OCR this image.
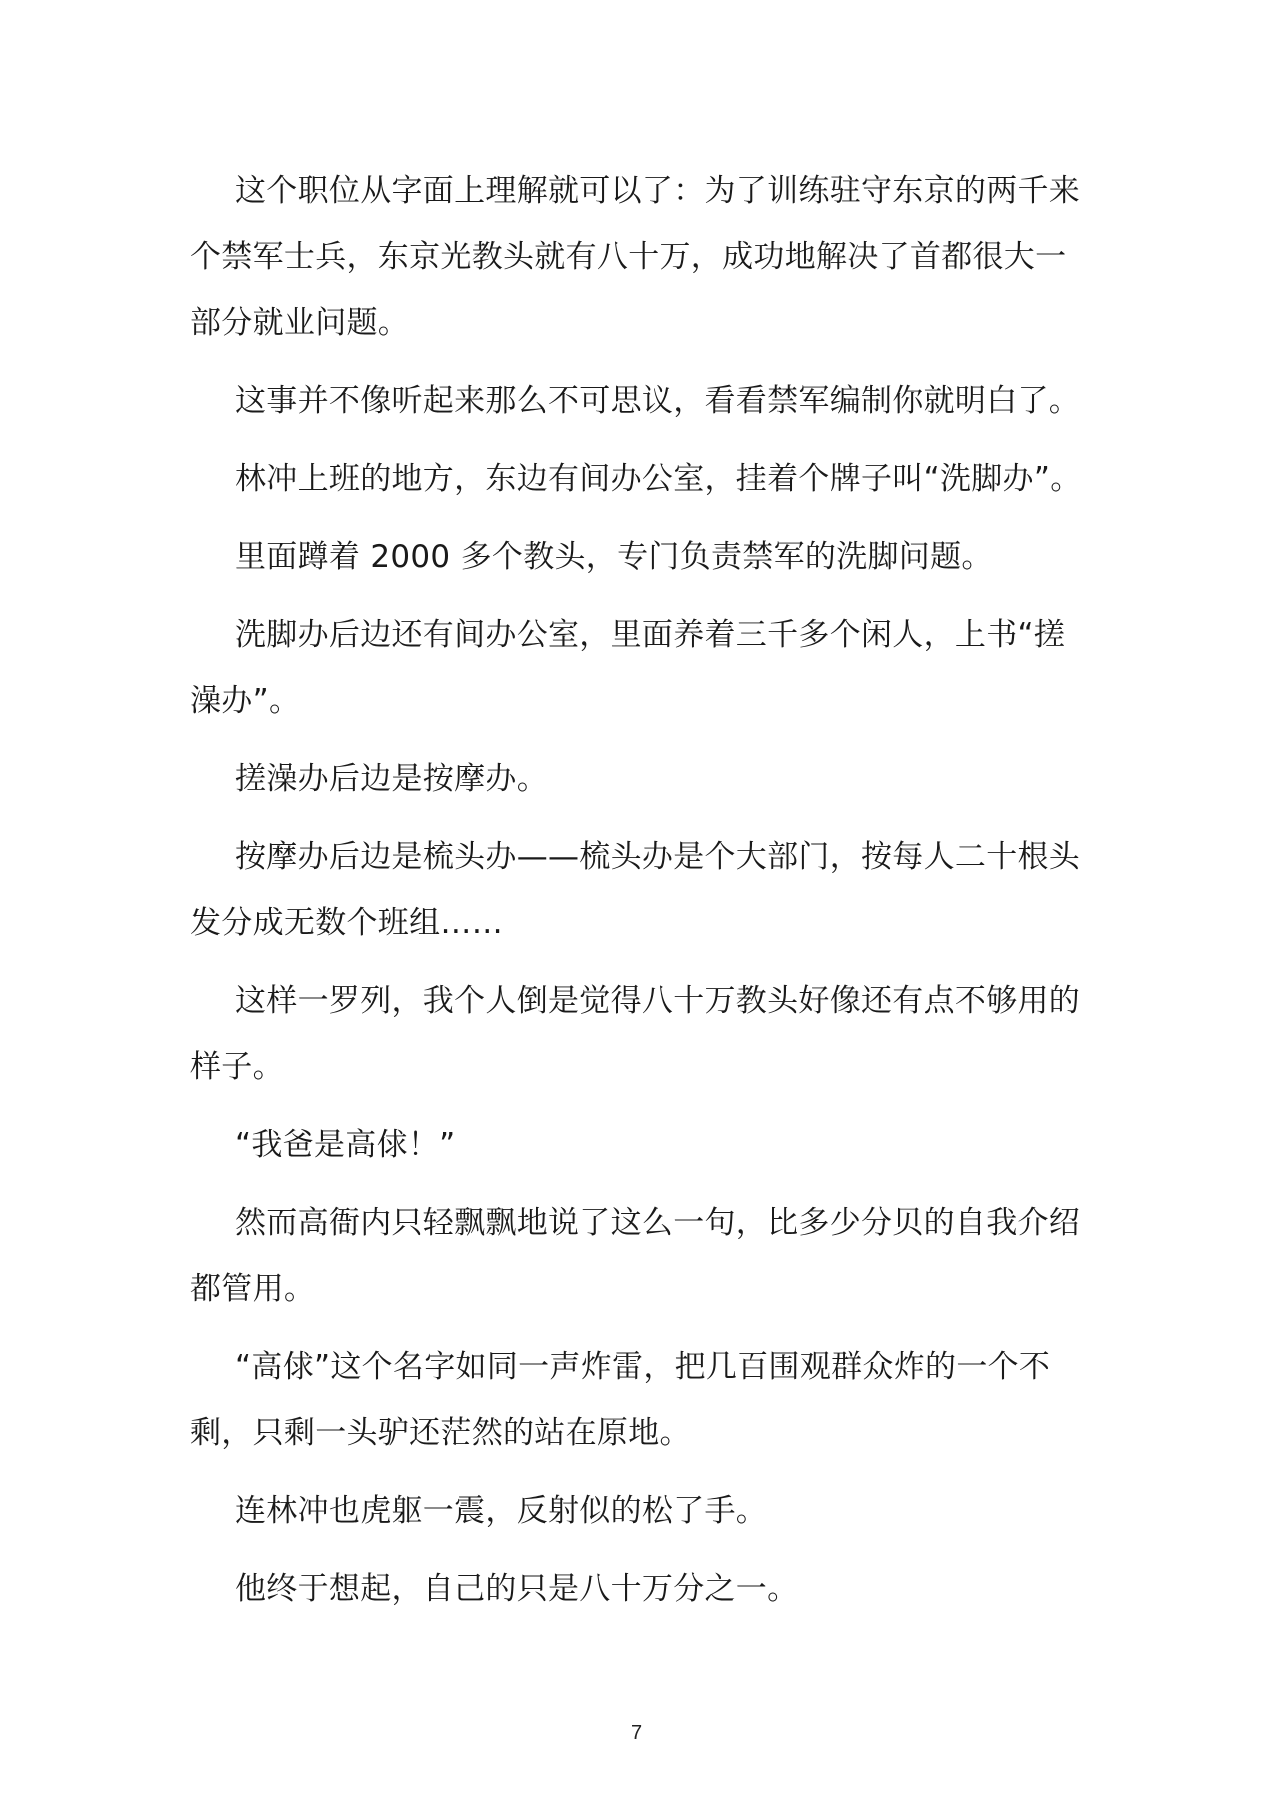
这个职位从字面上理解就可以了：为了训练驻守东京的两千来个禁军士兵，东京光教头就有八十万，成功地解决了首都很大一部分就业问题。

这事并不像听起来那么不可思议，看看禁军编制你就明白了。

林冲上班的地方，东边有间办公室，挂着个牌子叫“洗脚办”。

里面蹲着 2000 多个教头，专门负责禁军的洗脚问题。

洗脚办后边还有间办公室，里面养着三千多个闲人，上书“搓澡办”。

搓澡办后边是按摩办。

按摩办后边是梳头办——梳头办是个大部门，按每人二十根头发分成无数个班组……

这样一罗列，我个人倒是觉得八十万教头好像还有点不够用的样子。

“我爸是高俅！”

然而高衙内只轻飘飘地说了这么一句，比多少分贝的自我介绍都管用。

“高俅”这个名字如同一声炸雷，把几百围观群众炸的一个不剩，只剩一头驴还茫然的站在原地。

连林冲也虎躯一震，反射似的松了手。

他终于想起，自己的只是八十万分之一。

7
